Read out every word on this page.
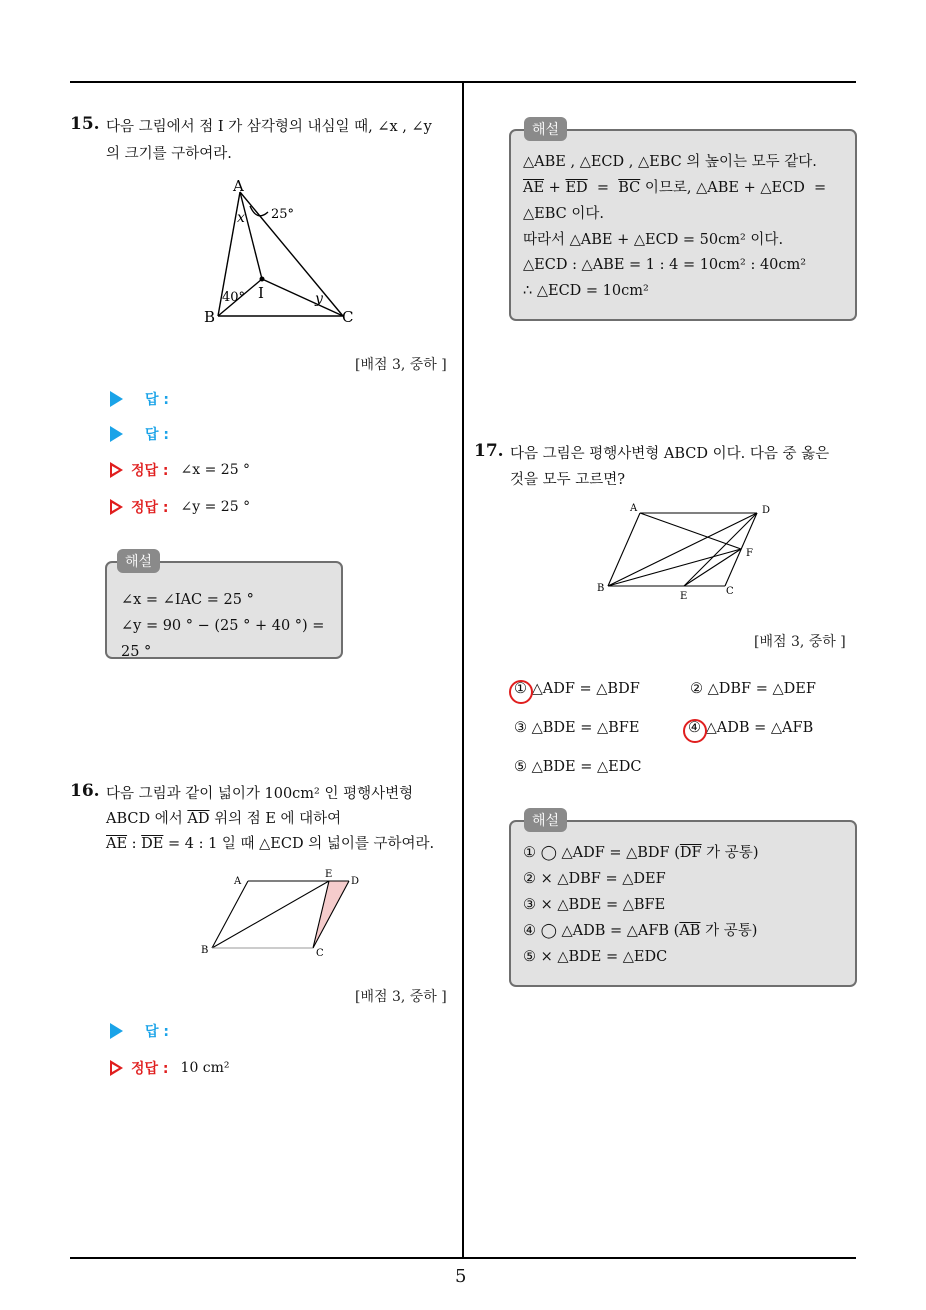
5
15. 다음 그림에서 점 I 가 삼각형의 내심일 때, ∠x , ∠y
의 크기를 구하여라.
A
B	C
I
x
y
25°
40°
[배점 3, 중하 ]
답 :
답 :
정답 : ∠x = 25 °
정답 : ∠y = 25 °
∠x = ∠IAC = 25 °
∠y = 90 ° − (25 ° + 40 °) = 25 °
해설
16. 다음 그림과 같이 넓이가 100cm² 인 평행사변형
ABCD 에서 $\overline{AD}$ 위의 점 E 에 대하여
$\overline{AE}$ : $\overline{DE} = 4$ : 1 일 때 △ECD 의 넓이를 구하여라.
A
E
D
B	C
[배점 3, 중하 ]
답 :
정답 : 10 cm²
△ABE , △ECD , △EBC 의 높이는 모두 같다.
$\overline{AE} + \overline{ED} = \overline{BC}$ 이므로, △ABE + △ECD  =
△EBC 이다.
따라서 △ABE + △ECD = 50cm² 이다.
△ECD : △ABE = 1 : 4 = 10cm² : 40cm²
∴ △ECD = 10cm²
해설
17. 다음 그림은 평행사변형 ABCD 이다. 다음 중 옳은
것을 모두 고르면?
A	D
F
B
E	C
[배점 3, 중하 ]
① △ADF = △BDF	② △DBF = △DEF
③ △BDE = △BFE	④ △ADB = △AFB
⑤ △BDE = △EDC
① ◯ △ADF = △BDF ($\overline{DF}$ 가 공통)
② × △DBF = △DEF
③ × △BDE = △BFE
④ ◯ △ADB = △AFB ($\overline{AB}$ 가 공통)
⑤ × △BDE = △EDC
해설
